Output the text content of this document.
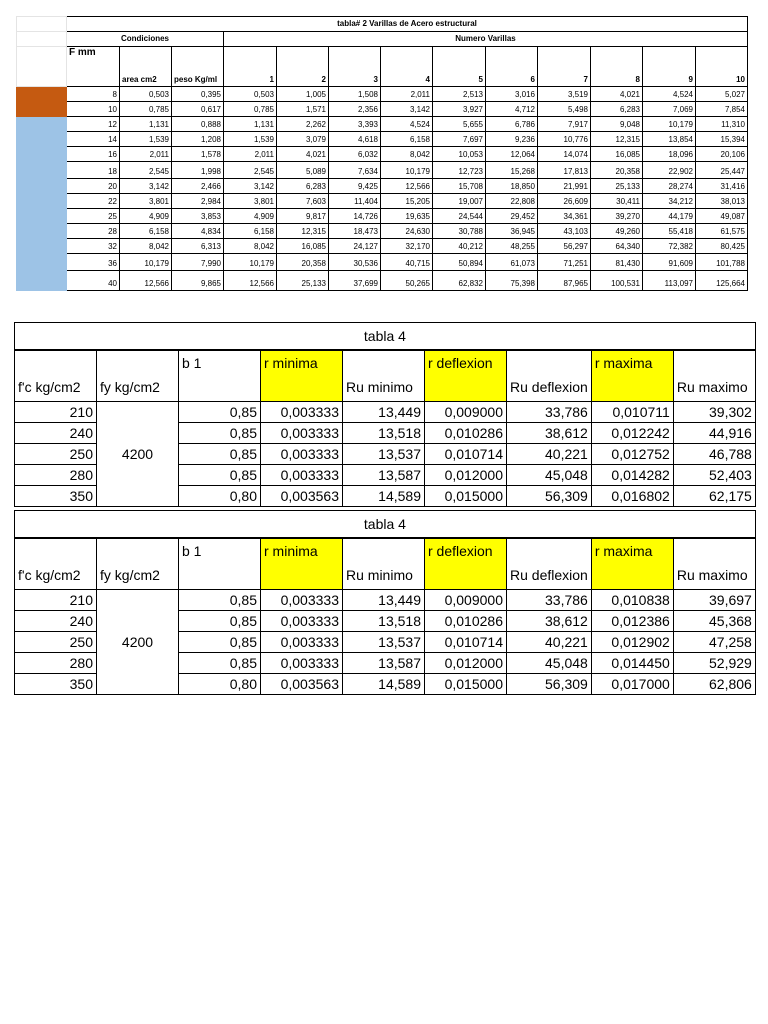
	tabla# 2 Varillas de Acero estructural												
	Condiciones			Numero Varillas									
	F mm	area cm2	peso Kg/ml	1	2	3	4	5	6	7	8	9	10
	8	0,503	0,395	0,503	1,005	1,508	2,011	2,513	3,016	3,519	4,021	4,524	5,027
	10	0,785	0,617	0,785	1,571	2,356	3,142	3,927	4,712	5,498	6,283	7,069	7,854
	12	1,131	0,888	1,131	2,262	3,393	4,524	5,655	6,786	7,917	9,048	10,179	11,310
	14	1,539	1,208	1,539	3,079	4,618	6,158	7,697	9,236	10,776	12,315	13,854	15,394
	16	2,011	1,578	2,011	4,021	6,032	8,042	10,053	12,064	14,074	16,085	18,096	20,106
	18	2,545	1,998	2,545	5,089	7,634	10,179	12,723	15,268	17,813	20,358	22,902	25,447
	20	3,142	2,466	3,142	6,283	9,425	12,566	15,708	18,850	21,991	25,133	28,274	31,416
	22	3,801	2,984	3,801	7,603	11,404	15,205	19,007	22,808	26,609	30,411	34,212	38,013
	25	4,909	3,853	4,909	9,817	14,726	19,635	24,544	29,452	34,361	39,270	44,179	49,087
	28	6,158	4,834	6,158	12,315	18,473	24,630	30,788	36,945	43,103	49,260	55,418	61,575
	32	8,042	6,313	8,042	16,085	24,127	32,170	40,212	48,255	56,297	64,340	72,382	80,425
	36	10,179	7,990	10,179	20,358	30,536	40,715	50,894	61,073	71,251	81,430	91,609	101,788
	40	12,566	9,865	12,566	25,133	37,699	50,265	62,832	75,398	87,965	100,531	113,097	125,664
tabla 4								
f'c kg/cm2	fy kg/cm2	b 1	r minima	Ru minimo	r deflexion	Ru deflexion	r maxima	Ru maximo
210	4200	0,85	0,003333	13,449	0,009000	33,786	0,010711	39,302
240		0,85	0,003333	13,518	0,010286	38,612	0,012242	44,916
250		0,85	0,003333	13,537	0,010714	40,221	0,012752	46,788
280		0,85	0,003333	13,587	0,012000	45,048	0,014282	52,403
350		0,80	0,003563	14,589	0,015000	56,309	0,016802	62,175
tabla 4								
f'c kg/cm2	fy kg/cm2	b 1	r minima	Ru minimo	r deflexion	Ru deflexion	r maxima	Ru maximo
210	4200	0,85	0,003333	13,449	0,009000	33,786	0,010838	39,697
240		0,85	0,003333	13,518	0,010286	38,612	0,012386	45,368
250		0,85	0,003333	13,537	0,010714	40,221	0,012902	47,258
280		0,85	0,003333	13,587	0,012000	45,048	0,014450	52,929
350		0,80	0,003563	14,589	0,015000	56,309	0,017000	62,806
